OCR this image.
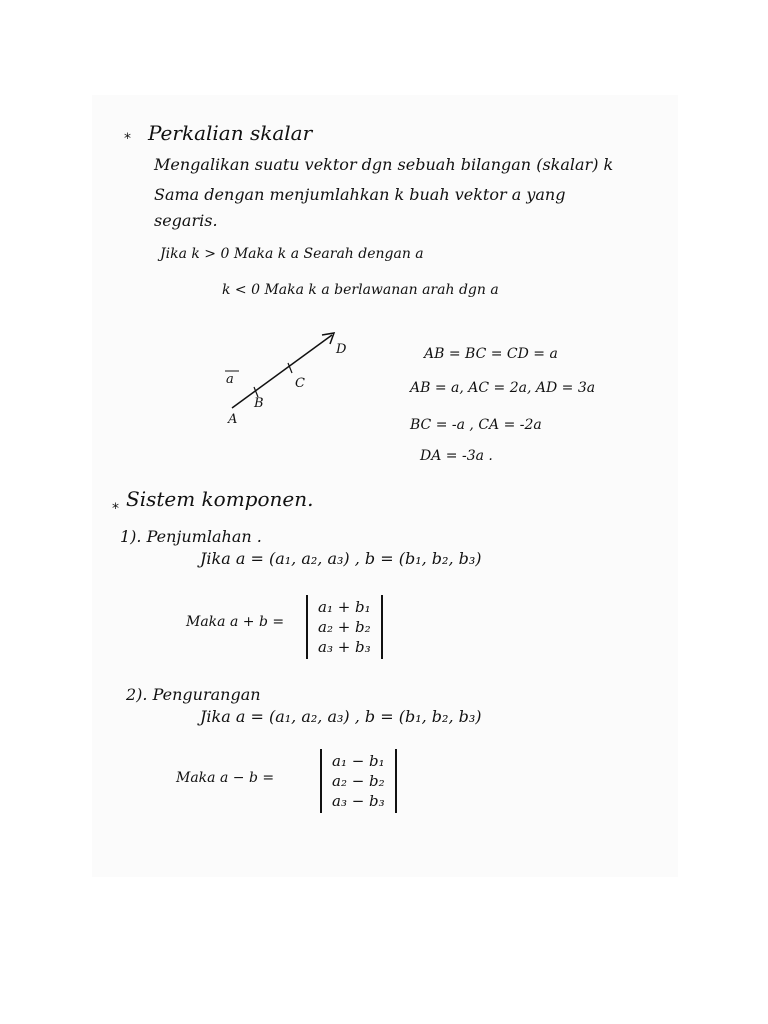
* Perkalian skalar
Mengalikan suatu vektor dgn sebuah bilangan (skalar) k
Sama dengan menjumlahkan k buah vektor a yang
segaris.
Jika k > 0 Maka k a Searah dengan a
k < 0 Maka k a berlawanan arah dgn a
A
B
C
D
a
AB = BC = CD = a
AB = a, AC = 2a, AD = 3a
BC = -a , CA = -2a
DA = -3a .
* Sistem komponen.
1). Penjumlahan .
Jika a = (a₁, a₂, a₃) , b = (b₁, b₂, b₃)
Maka a + b =
a₁ + b₁
a₂ + b₂
a₃ + b₃
2). Pengurangan
Jika a = (a₁, a₂, a₃) , b = (b₁, b₂, b₃)
Maka a − b =
a₁ − b₁
a₂ − b₂
a₃ − b₃
